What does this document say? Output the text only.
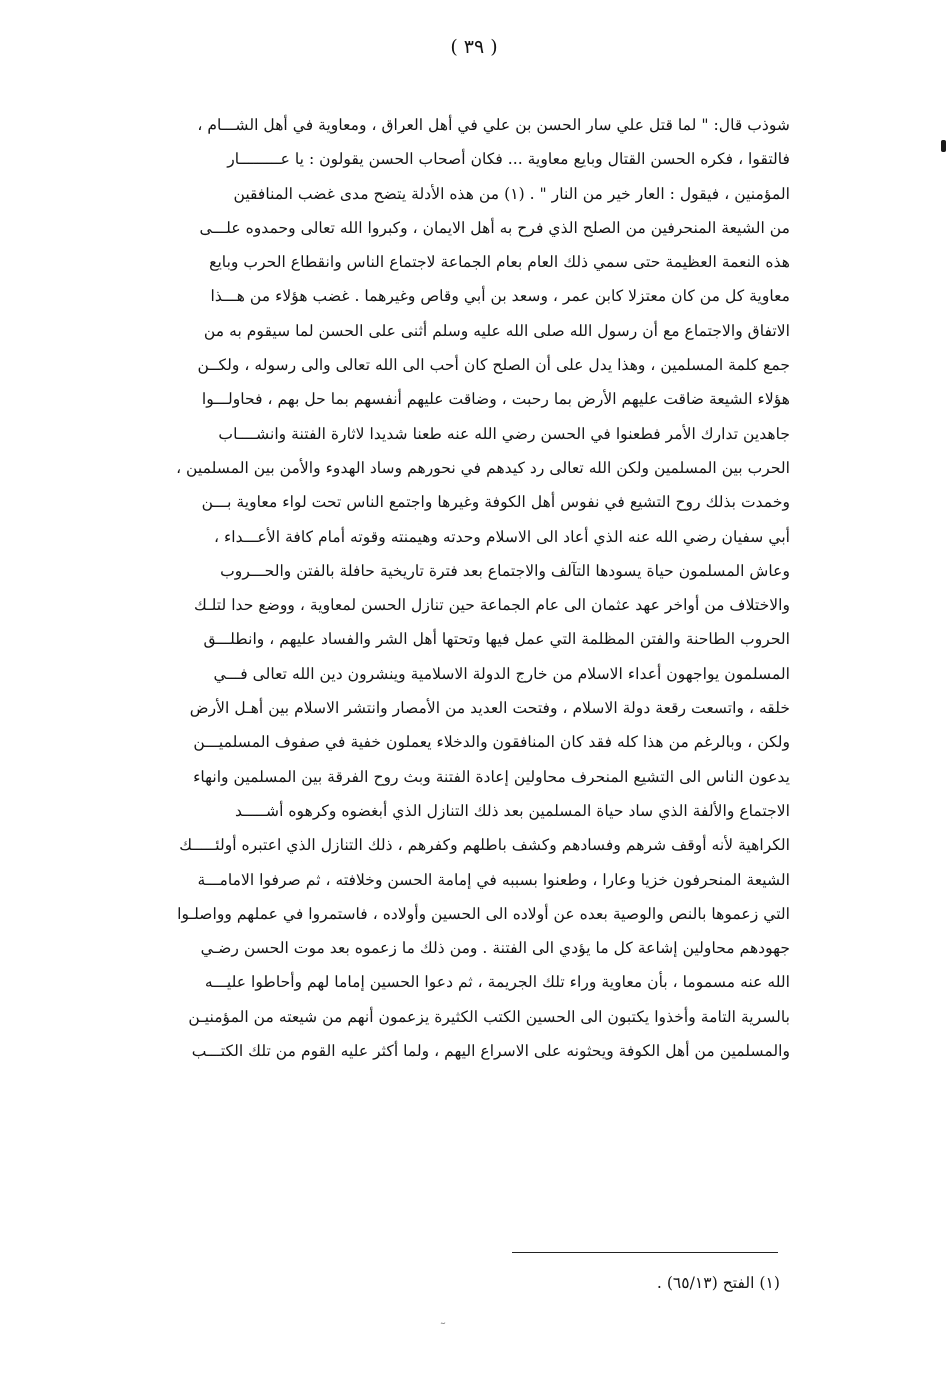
( ٣٩ )
شوذب قال: " لما قتل علي سار الحسن بن علي في أهل العراق ، ومعاوية في أهل الشـــام ،
فالتقوا ، فكره الحسن القتال وبايع معاوية ... فكان أصحاب الحسن يقولون : يا عـــــــــار
المؤمنين ، فيقول : العار خير من النار " . (١) من هذه الأدلة يتضح مدى غضب المنافقين
من الشيعة المنحرفين من الصلح الذي فرح به أهل الايمان ، وكبروا الله تعالى وحمدوه علـــى
هذه النعمة العظيمة حتى سمي ذلك العام بعام الجماعة لاجتماع الناس وانقطاع الحرب وبايع
معاوية كل من كان معتزلا كابن عمر ، وسعد بن أبي وقاص وغيرهما . غضب هؤلاء من هـــذا
الاتفاق والاجتماع مع أن رسول الله صلى الله عليه وسلم أثنى على الحسن لما سيقوم به من
جمع كلمة المسلمين ، وهذا يدل على أن الصلح كان أحب الى الله تعالى والى رسوله ، ولكــن
هؤلاء الشيعة ضاقت عليهم الأرض بما رحبت ، وضاقت عليهم أنفسهم بما حل بهم ، فحاولـــوا
جاهدين تدارك الأمر فطعنوا في الحسن رضي الله عنه طعنا شديدا لاثارة الفتنة وانشــــاب
الحرب بين المسلمين ولكن الله تعالى رد كيدهم في نحورهم وساد الهدوء والأمن بين المسلمين ،
وخمدت بذلك روح التشيع في نفوس أهل الكوفة وغيرها واجتمع الناس تحت لواء معاوية بـــن
أبي سفيان رضي الله عنه الذي أعاد الى الاسلام وحدته وهيمنته وقوته أمام كافة الأعـــداء ،
وعاش المسلمون حياة يسودها التآلف والاجتماع بعد فترة تاريخية حافلة بالفتن والحـــروب
والاختلاف من أواخر عهد عثمان الى عام الجماعة حين تنازل الحسن لمعاوية ، ووضع حدا لتلـك
الحروب الطاحنة والفتن المظلمة التي عمل فيها وتحتها أهل الشر والفساد عليهم ، وانطلـــق
المسلمون يواجهون أعداء الاسلام من خارج الدولة الاسلامية وينشرون دين الله تعالى فـــي
خلقه ، واتسعت رقعة دولة الاسلام ، وفتحت العديد من الأمصار وانتشر الاسلام بين أهـل الأرض
ولكن ، وبالرغم من هذا كله فقد كان المنافقون والدخلاء يعملون خفية في صفوف المسلميـــن
يدعون الناس الى التشيع المنحرف محاولين إعادة الفتنة وبث روح الفرقة بين المسلمين وانهاء
الاجتماع والألفة الذي ساد حياة المسلمين بعد ذلك التنازل الذي أبغضوه وكرهوه أشـــــد
الكراهية لأنه أوقف شرهم وفسادهم وكشف باطلهم وكفرهم ، ذلك التنازل الذي اعتبره أولئـــــك
الشيعة المنحرفون خزيا وعارا ، وطعنوا بسببه في إمامة الحسن وخلافته ، ثم صرفوا الامامـــة
التي زعموها بالنص والوصية بعده عن أولاده الى الحسين وأولاده ، فاستمروا في عملهم وواصلـوا
جهودهم محاولين إشاعة كل ما يؤدي الى الفتنة . ومن ذلك ما زعموه بعد موت الحسن رضـي
الله عنه مسموما ، بأن معاوية وراء تلك الجريمة ، ثم دعوا الحسين إماما لهم وأحاطوا عليـــه
بالسرية التامة وأخذوا يكتبون الى الحسين الكتب الكثيرة يزعمون أنهم من شيعته من المؤمنيـن
والمسلمين من أهل الكوفة ويحثونه على الاسراع اليهم ، ولما أكثر عليه القوم من تلك الكتـــب
(١) الفتح (٦٥/١٣) .
